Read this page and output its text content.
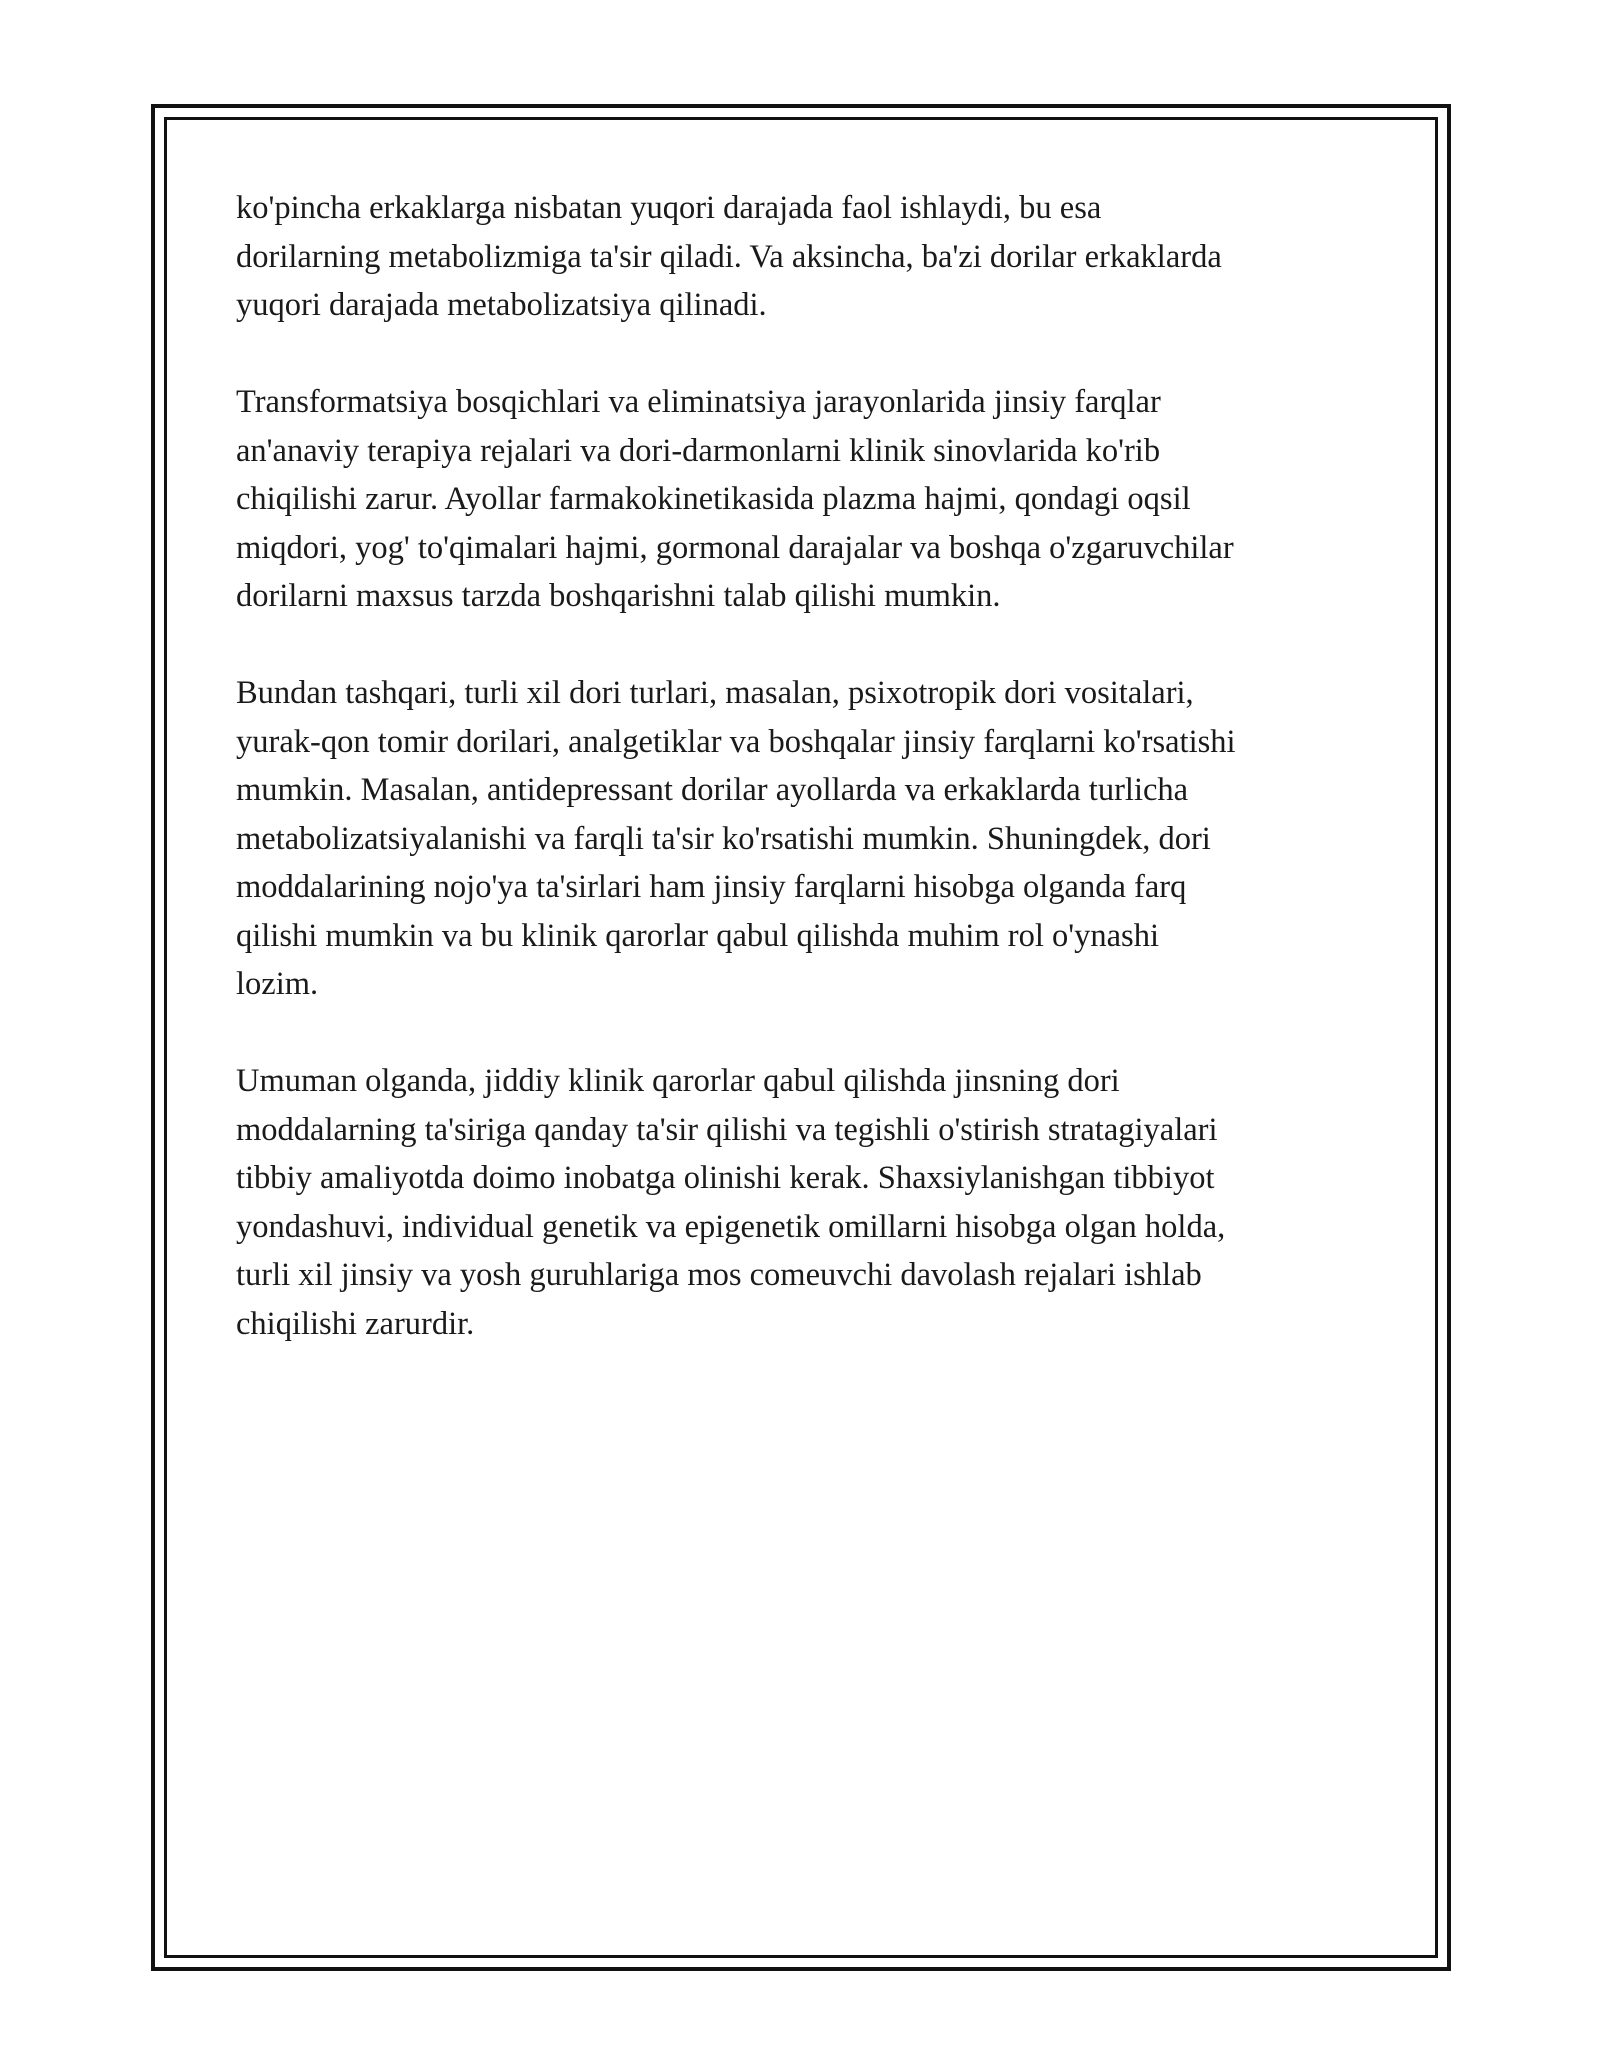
ko'pincha erkaklarga nisbatan yuqori darajada faol ishlaydi, bu esa
dorilarning metabolizmiga ta'sir qiladi. Va aksincha, ba'zi dorilar erkaklarda
yuqori darajada metabolizatsiya qilinadi.

Transformatsiya bosqichlari va eliminatsiya jarayonlarida jinsiy farqlar
an'anaviy terapiya rejalari va dori-darmonlarni klinik sinovlarida ko'rib
chiqilishi zarur. Ayollar farmakokinetikasida plazma hajmi, qondagi oqsil
miqdori, yog' to'qimalari hajmi, gormonal darajalar va boshqa o'zgaruvchilar
dorilarni maxsus tarzda boshqarishni talab qilishi mumkin.

Bundan tashqari, turli xil dori turlari, masalan, psixotropik dori vositalari,
yurak-qon tomir dorilari, analgetiklar va boshqalar jinsiy farqlarni ko'rsatishi
mumkin. Masalan, antidepressant dorilar ayollarda va erkaklarda turlicha
metabolizatsiyalanishi va farqli ta'sir ko'rsatishi mumkin. Shuningdek, dori
moddalarining nojo'ya ta'sirlari ham jinsiy farqlarni hisobga olganda farq
qilishi mumkin va bu klinik qarorlar qabul qilishda muhim rol o'ynashi
lozim.

Umuman olganda, jiddiy klinik qarorlar qabul qilishda jinsning dori
moddalarning ta'siriga qanday ta'sir qilishi va tegishli o'stirish stratagiyalari
tibbiy amaliyotda doimo inobatga olinishi kerak. Shaxsiylanishgan tibbiyot
yondashuvi, individual genetik va epigenetik omillarni hisobga olgan holda,
turli xil jinsiy va yosh guruhlariga mos comeuvchi davolash rejalari ishlab
chiqilishi zarurdir.
